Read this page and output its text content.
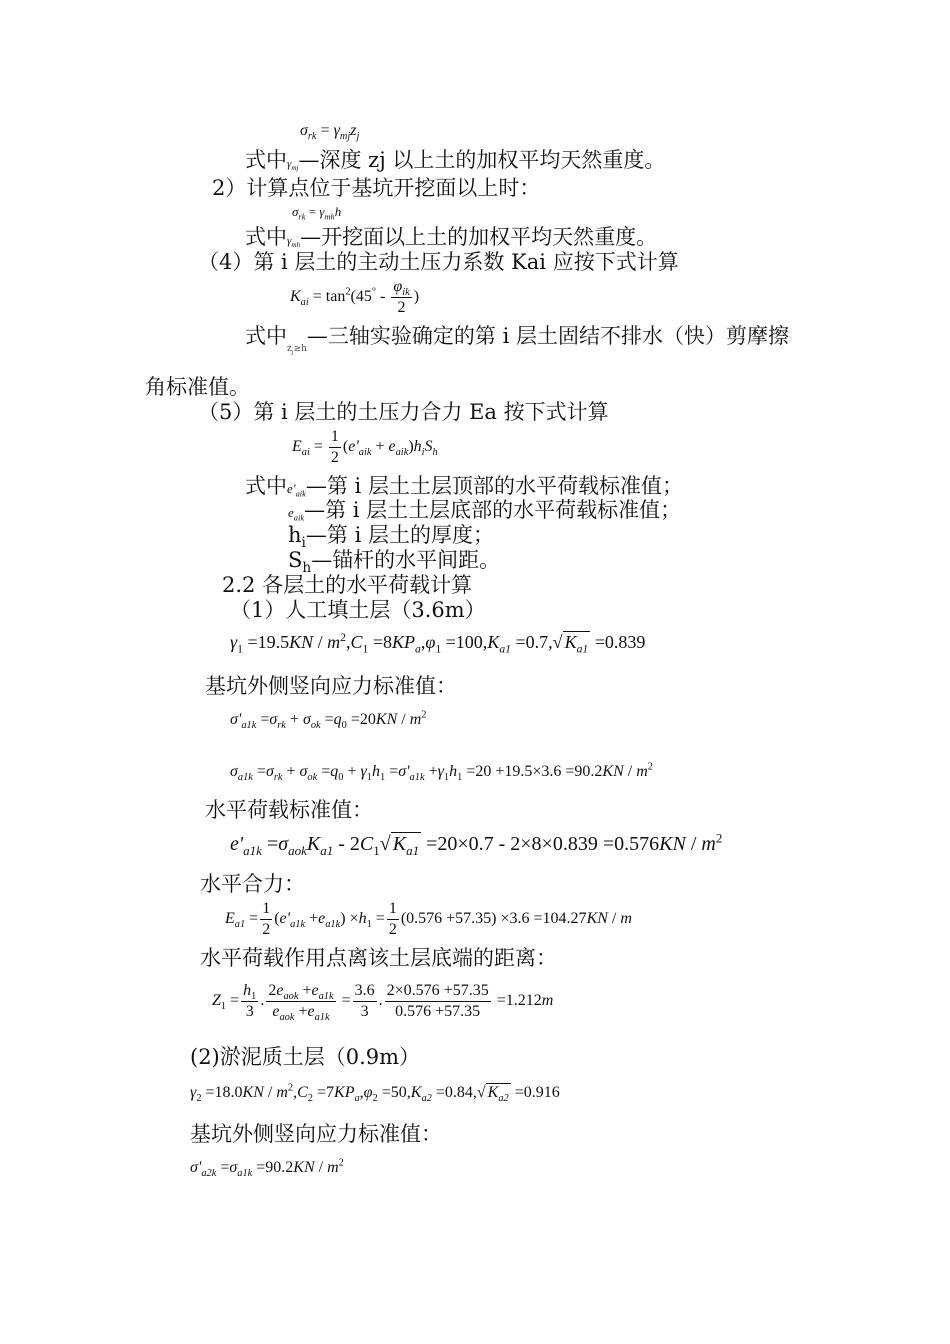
$\sigma_{rk} = \gamma_{mj}z_j$
式中$\gamma_{mj}—$深度 zj 以上土的加权平均天然重度。
2）计算点位于基坑开挖面以上时：
$\sigma_{rk} = \gamma_{mh}h$
式中$\gamma_{mh}—$开挖面以上土的加权平均天然重度。
（4）第 i 层土的主动土压力系数 Kai 应按下式计算
$K_{ai} = \tan^2(45^\circ - \frac{\varphi_{ik}}{2}$ )
式中$_{z_j\ge h}$—三轴实验确定的第 i 层土固结不排水（快）剪摩擦
角标准值。
（5）第 i 层土的土压力合力 Ea 按下式计算
$E_{ai} = \frac{1}{2} (e'_{aik} + e_{aik})h_iS_h$
式中$e'_{aik}—$第 i 层土土层顶部的水平荷载标准值；
$e_{aik}—$第 i 层土土层底部的水平荷载标准值；
$h_i—$第 i 层土的厚度；
$S_h—$锚杆的水平间距。
2.2 各层土的水平荷载计算
（1）人工填土层（3.6m）
$\gamma_1 =19.5KN / m^2,C_1 =8KP_a,\varphi_1 =100,K_{a1} =0.7,√$ $K_{a1} =0.839$
基坑外侧竖向应力标准值：
$\sigma'_{a1k} =\sigma_{rk} + \sigma_{ok} =q_0 =20KN / m^2$
$\sigma_{a1k} =\sigma_{rk} + \sigma_{ok} =q_0 + \gamma_1h_1 =\sigma'_{a1k} +\gamma_1h_1 =20 +19.5\times 3.6 =90.2KN / m^2$
水平荷载标准值：
$e'_{a1k} =\sigma_{aok}K_{a1} - 2C_1√$ $K_{a1} =20\times 0.7 - 2\times 8\times 0.839 =0.576KN / m^2$
水平合力：
$E_{a1} = \frac{1}{2} (e'_{a1k} +e_{a1k}) \times h_1 = \frac{1}{2} (0.576 +57.35) \times 3.6 =104.27KN / m$
水平荷载作用点离该土层底端的距离：
$Z_1 = \frac{h_1}{3}$ . $\frac{2e_{aok} +e_{a1k}}{e_{aok} +e_{a1k}} = \frac{3.6}{3}$ . $\frac{2\times 0.576 +57.35}{0.576 +57.35} =1.212m$
(2)淤泥质土层（0.9m）
$\gamma_2 =18.0KN / m^2,C_2 =7KP_a,\varphi_2 =50,K_{a2} =0.84,√$ $K_{a2} =0.916$
基坑外侧竖向应力标准值：
$\sigma'_{a2k} =\sigma_{a1k} =90.2KN / m^2$
